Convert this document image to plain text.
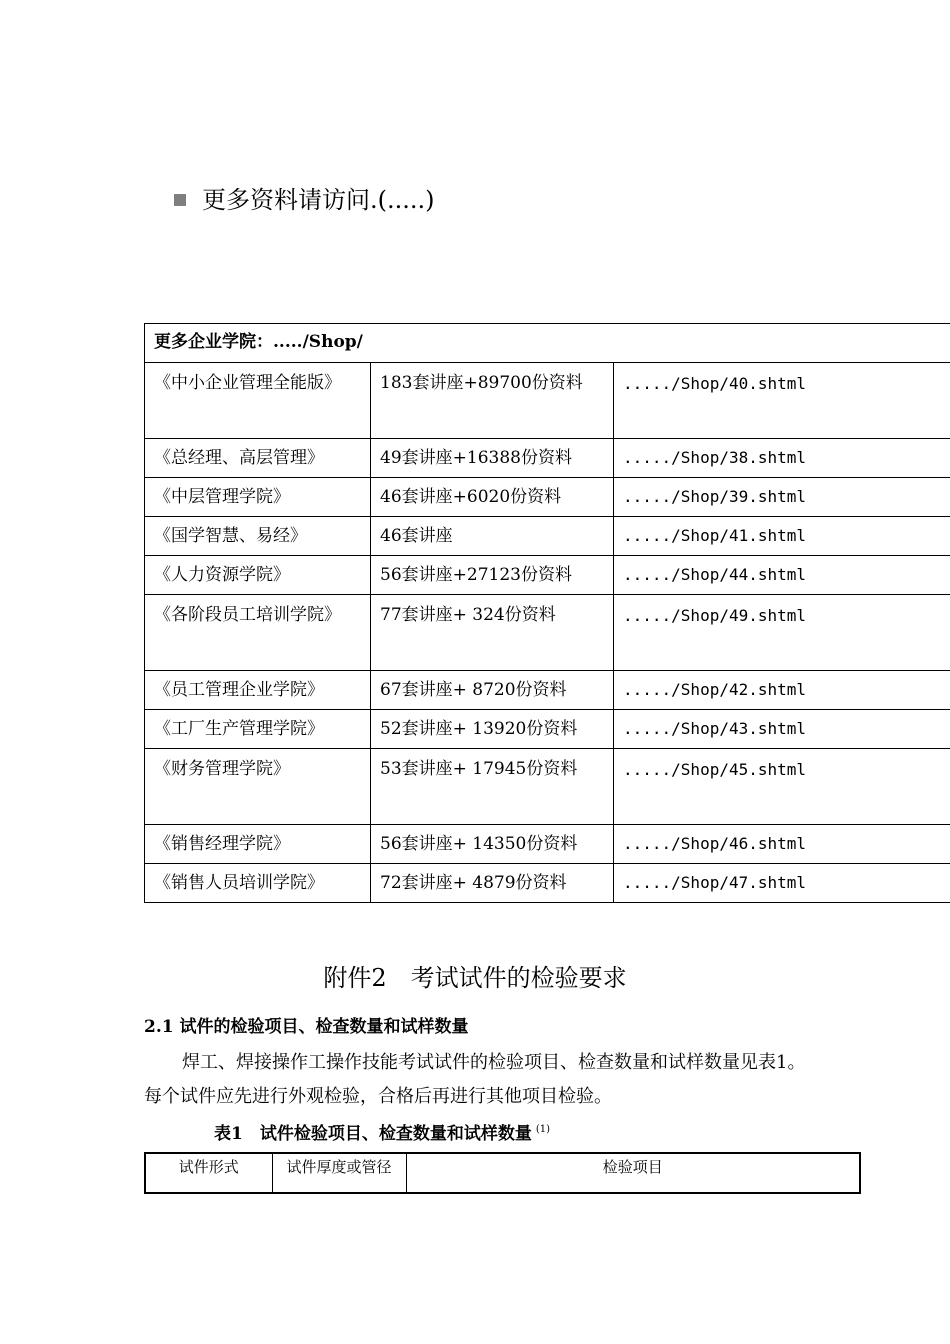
更多资料请访问.(.....)
更多企业学院：...../Shop/		
《中小企业管理全能版》	183套讲座+89700份资料	...../Shop/40.shtml
《总经理、高层管理》	49套讲座+16388份资料	...../Shop/38.shtml
《中层管理学院》	46套讲座+6020份资料	...../Shop/39.shtml
《国学智慧、易经》	46套讲座	...../Shop/41.shtml
《人力资源学院》	56套讲座+27123份资料	...../Shop/44.shtml
《各阶段员工培训学院》	77套讲座+ 324份资料	...../Shop/49.shtml
《员工管理企业学院》	67套讲座+ 8720份资料	...../Shop/42.shtml
《工厂生产管理学院》	52套讲座+ 13920份资料	...../Shop/43.shtml
《财务管理学院》	53套讲座+ 17945份资料	...../Shop/45.shtml
《销售经理学院》	56套讲座+ 14350份资料	...../Shop/46.shtml
《销售人员培训学院》	72套讲座+ 4879份资料	...../Shop/47.shtml
附件2　考试试件的检验要求
2.1 试件的检验项目、检查数量和试样数量
焊工、焊接操作工操作技能考试试件的检验项目、检查数量和试样数量见表1。每个试件应先进行外观检验，合格后再进行其他项目检验。
表1　试件检验项目、检查数量和试样数量 $^{(1)}$
试件形式	试件厚度或管径	检验项目
